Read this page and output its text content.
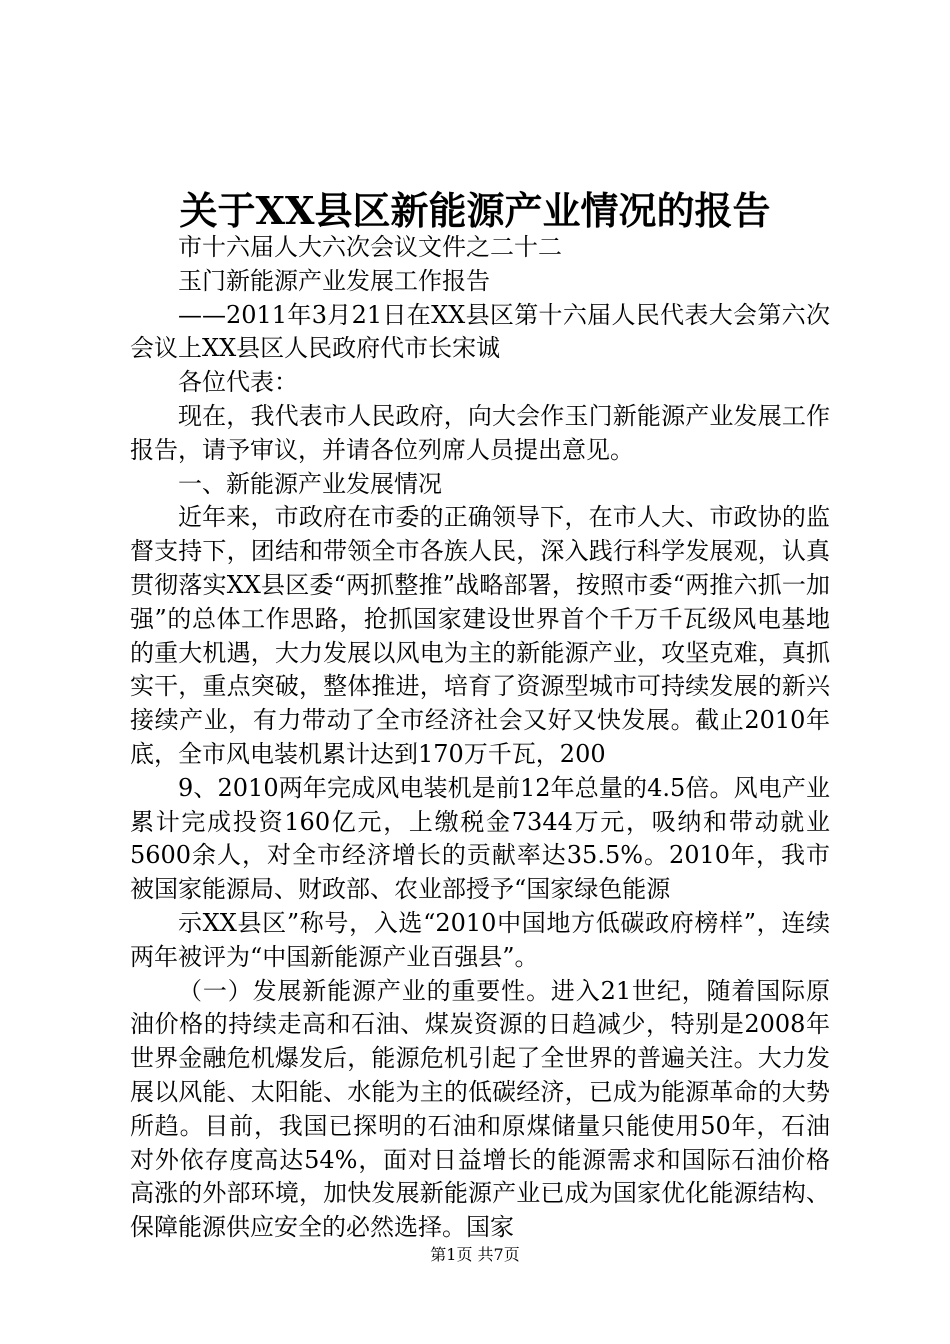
关于XX县区新能源产业情况的报告

市十六届人大六次会议文件之二十二

玉门新能源产业发展工作报告

——2011年3月21日在XX县区第十六届人民代表大会第六次会议上XX县区人民政府代市长宋诚

各位代表：

现在，我代表市人民政府，向大会作玉门新能源产业发展工作报告，请予审议，并请各位列席人员提出意见。

一、新能源产业发展情况

近年来，市政府在市委的正确领导下，在市人大、市政协的监督支持下，团结和带领全市各族人民，深入践行科学发展观，认真贯彻落实XX县区委“两抓整推”战略部署，按照市委“两推六抓一加强”的总体工作思路，抢抓国家建设世界首个千万千瓦级风电基地的重大机遇，大力发展以风电为主的新能源产业，攻坚克难，真抓实干，重点突破，整体推进，培育了资源型城市可持续发展的新兴接续产业，有力带动了全市经济社会又好又快发展。截止2010年底，全市风电装机累计达到170万千瓦，200

9、2010两年完成风电装机是前12年总量的4.5倍。风电产业累计完成投资160亿元，上缴税金7344万元，吸纳和带动就业5600余人，对全市经济增长的贡献率达35.5%。2010年，我市被国家能源局、财政部、农业部授予“国家绿色能源

示XX县区”称号，入选“2010中国地方低碳政府榜样”，连续两年被评为“中国新能源产业百强县”。

（一）发展新能源产业的重要性。进入21世纪，随着国际原油价格的持续走高和石油、煤炭资源的日趋减少，特别是2008年世界金融危机爆发后，能源危机引起了全世界的普遍关注。大力发展以风能、太阳能、水能为主的低碳经济，已成为能源革命的大势所趋。目前，我国已探明的石油和原煤储量只能使用50年，石油对外依存度高达54%，面对日益增长的能源需求和国际石油价格高涨的外部环境，加快发展新能源产业已成为国家优化能源结构、保障能源供应安全的必然选择。国家

第1页 共7页
